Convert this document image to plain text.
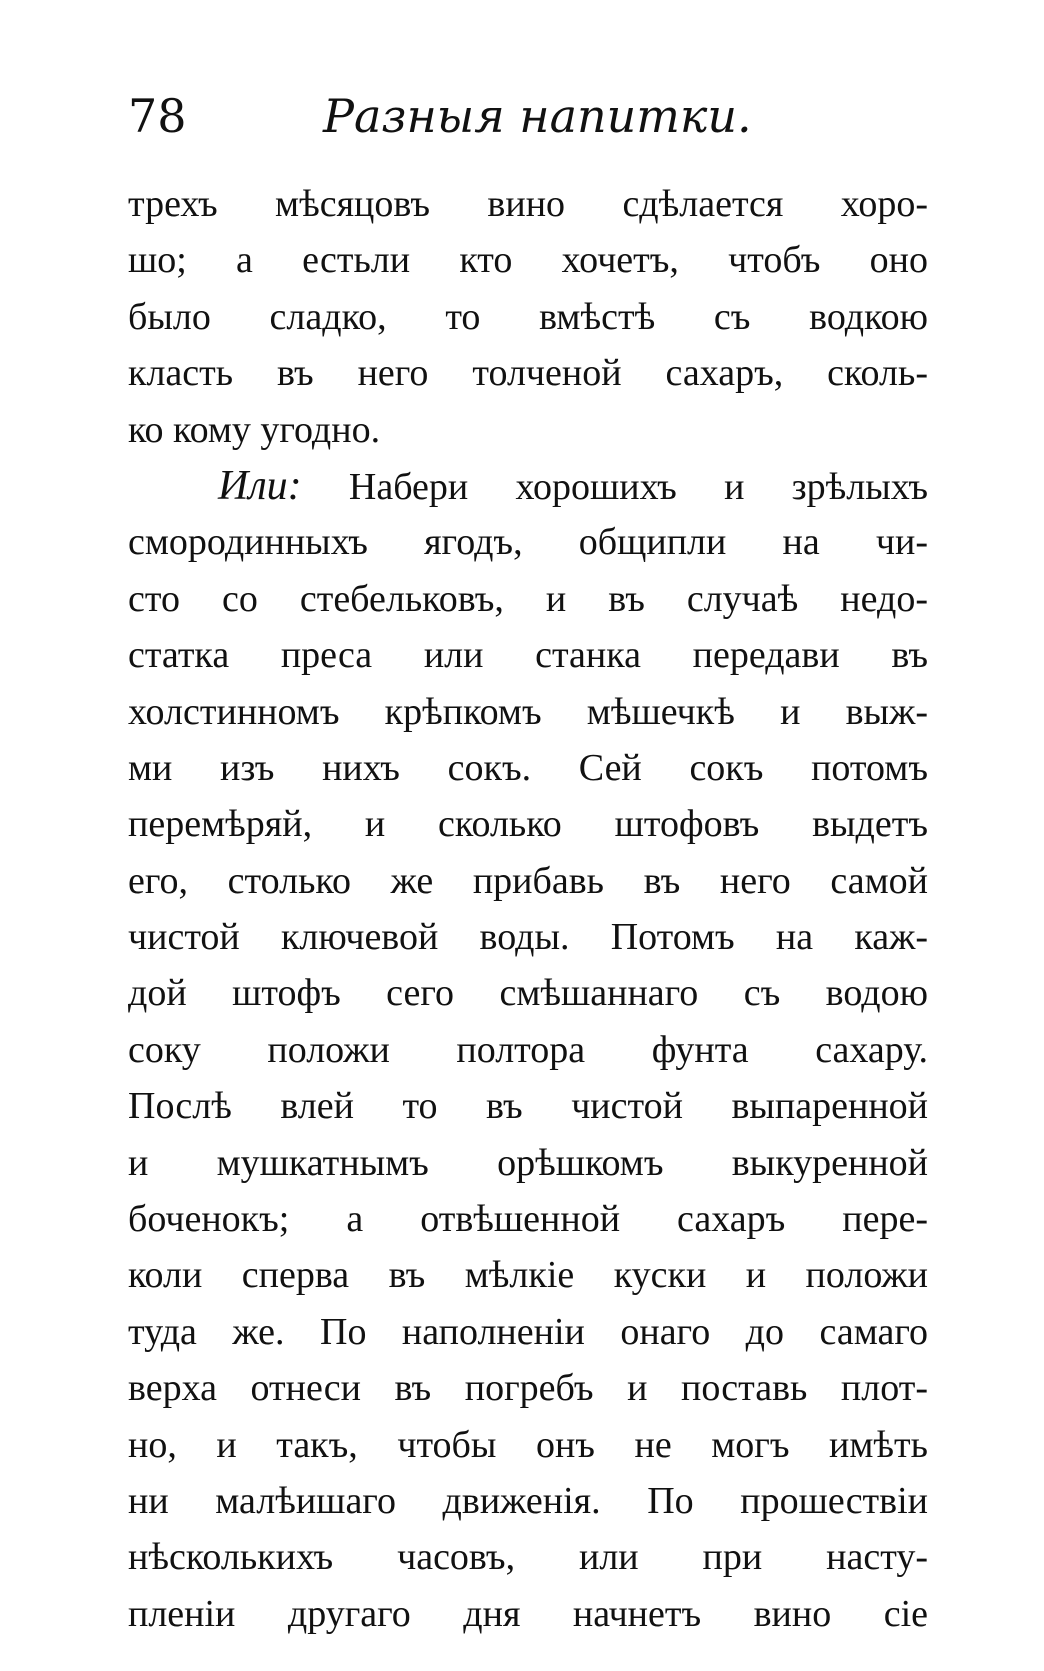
78	Разныя напитки.
трехъ мѣсяцовъ вино сдѣлается хоро-
шо; а естьли кто хочетъ, чтобъ оно
было сладко, то вмѣстѣ съ водкою
класть въ него толченой сахаръ, сколь-
ко кому угодно.
Или: Набери хорошихъ и зрѣлыхъ
смородинныхъ ягодъ, общипли на чи-
сто со стебельковъ, и въ случаѣ недо-
статка преса или станка передави въ
холстинномъ крѣпкомъ мѣшечкѣ и выж-
ми изъ нихъ сокъ. Сей сокъ потомъ
перемѣряй, и сколько штофовъ выдетъ
его, столько же прибавь въ него самой
чистой ключевой воды. Потомъ на каж-
дой штофъ сего смѣшаннаго съ водою
соку положи полтора фунта сахару.
Послѣ влей то въ чистой выпаренной
и мушкатнымъ орѣшкомъ выкуренной
боченокъ; а отвѣшенной сахаръ пере-
коли сперва въ мѣлкіе куски и положи
туда же. По наполненіи онаго до самаго
верха отнеси въ погребъ и поставь плот-
но, и такъ, чтобы онъ не могъ имѣть
ни малѣишаго движенія. По прошествіи
нѣсколькихъ часовъ, или при насту-
пленіи другаго дня начнетъ вино сіе
